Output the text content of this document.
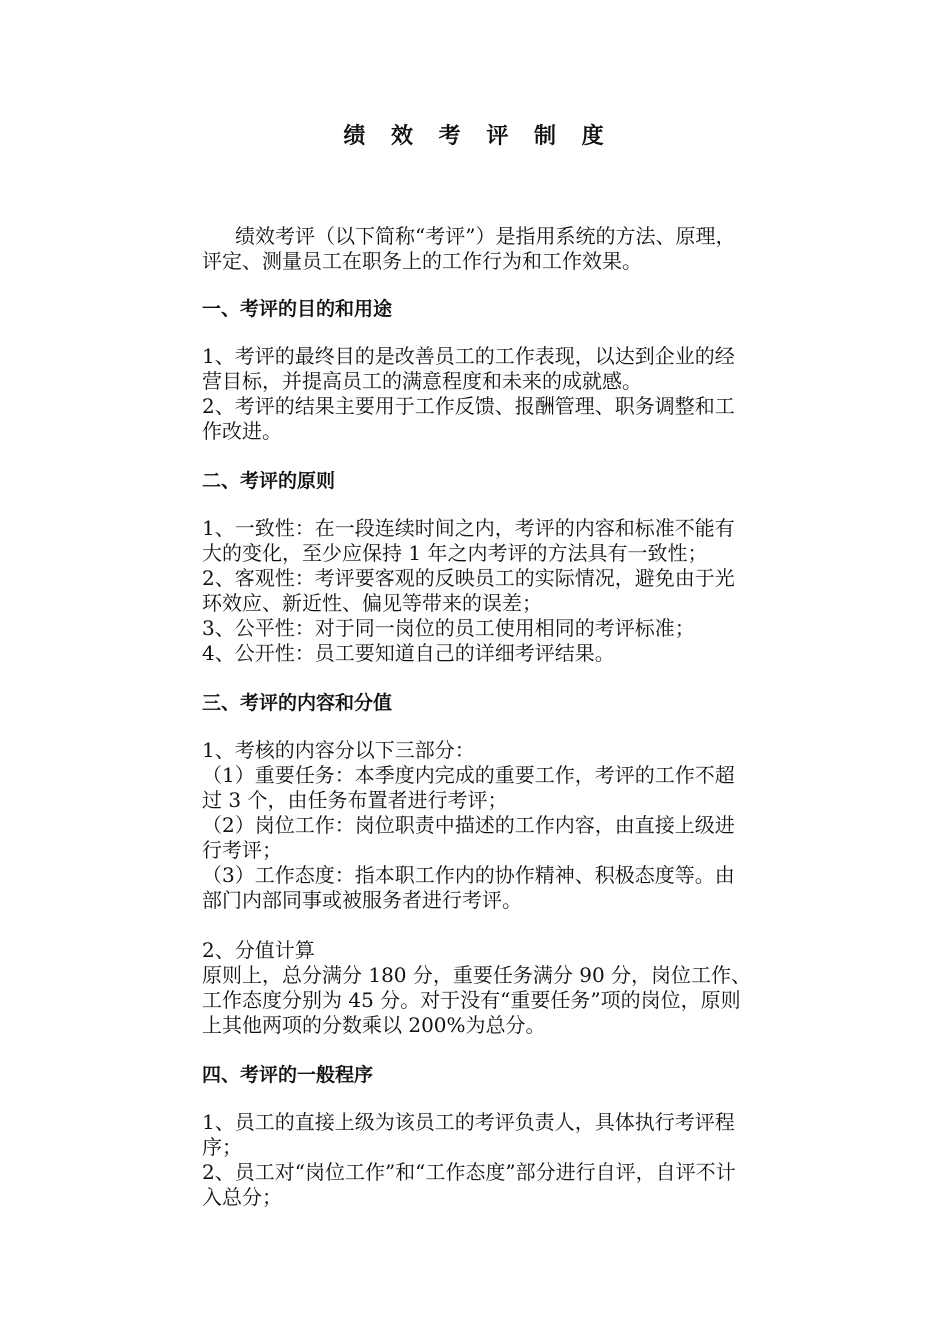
绩 效 考 评 制 度

绩效考评（以下简称“考评”）是指用系统的方法、原理，评定、测量员工在职务上的工作行为和工作效果。

一、考评的目的和用途

1、考评的最终目的是改善员工的工作表现，以达到企业的经营目标，并提高员工的满意程度和未来的成就感。

2、考评的结果主要用于工作反馈、报酬管理、职务调整和工作改进。

二、考评的原则

1、一致性：在一段连续时间之内，考评的内容和标准不能有大的变化，至少应保持 1 年之内考评的方法具有一致性；

2、客观性：考评要客观的反映员工的实际情况，避免由于光环效应、新近性、偏见等带来的误差；

3、公平性：对于同一岗位的员工使用相同的考评标准；

4、公开性：员工要知道自己的详细考评结果。

三、考评的内容和分值

1、考核的内容分以下三部分：

（1）重要任务：本季度内完成的重要工作，考评的工作不超过 3 个，由任务布置者进行考评；

（2）岗位工作：岗位职责中描述的工作内容，由直接上级进行考评；

（3）工作态度：指本职工作内的协作精神、积极态度等。由部门内部同事或被服务者进行考评。

2、分值计算

原则上，总分满分 180 分，重要任务满分 90 分，岗位工作、工作态度分别为 45 分。对于没有“重要任务”项的岗位，原则上其他两项的分数乘以 200%为总分。

四、考评的一般程序

1、员工的直接上级为该员工的考评负责人，具体执行考评程序；

2、员工对“岗位工作”和“工作态度”部分进行自评，自评不计入总分；
